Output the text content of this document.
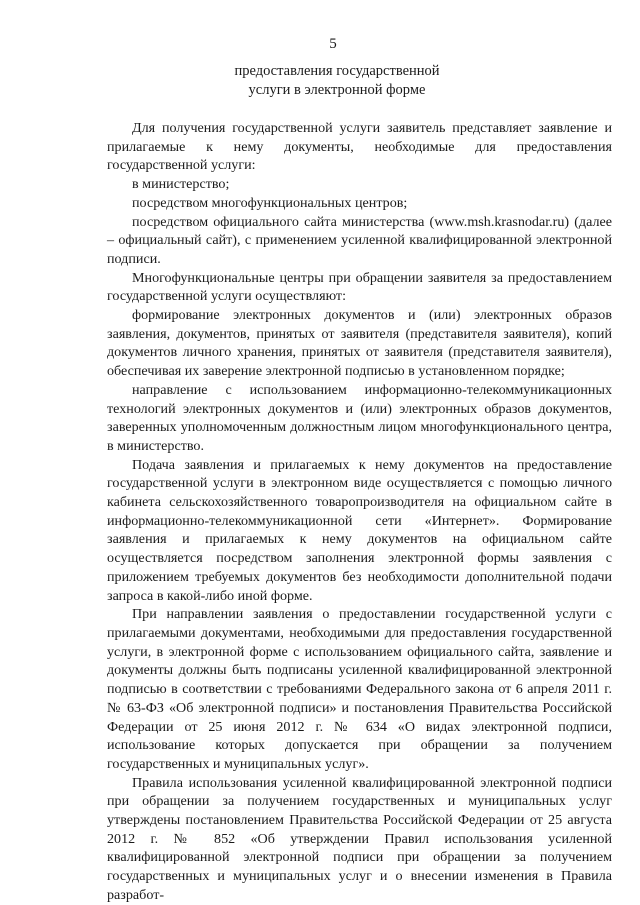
5
предоставления государственной
услуги в электронной форме

Для получения государственной услуги заявитель представляет заявление и прилагаемые к нему документы, необходимые для предоставления государственной услуги:

в министерство;

посредством многофункциональных центров;

посредством официального сайта министерства (www.msh.krasnodar.ru) (далее – официальный сайт), с применением усиленной квалифицированной электронной подписи.

Многофункциональные центры при обращении заявителя за предоставлением государственной услуги осуществляют:

формирование электронных документов и (или) электронных образов заявления, документов, принятых от заявителя (представителя заявителя), копий документов личного хранения, принятых от заявителя (представителя заявителя), обеспечивая их заверение электронной подписью в установленном порядке;

направление с использованием информационно-телекоммуникационных технологий электронных документов и (или) электронных образов документов, заверенных уполномоченным должностным лицом многофункционального центра, в министерство.

Подача заявления и прилагаемых к нему документов на предоставление государственной услуги в электронном виде осуществляется с помощью личного кабинета сельскохозяйственного товаропроизводителя на официальном сайте в информационно-телекоммуникационной сети «Интернет». Формирование заявления и прилагаемых к нему документов на официальном сайте осуществляется посредством заполнения электронной формы заявления с приложением требуемых документов без необходимости дополнительной подачи запроса в какой-либо иной форме.

При направлении заявления о предоставлении государственной услуги с прилагаемыми документами, необходимыми для предоставления государственной услуги, в электронной форме с использованием официального сайта, заявление и документы должны быть подписаны усиленной квалифицированной электронной подписью в соответствии с требованиями Федерального закона от 6 апреля 2011 г. № 63-ФЗ «Об электронной подписи» и постановления Правительства Российской Федерации от 25 июня 2012 г. № 634 «О видах электронной подписи, использование которых допускается при обращении за получением государственных и муниципальных услуг».

Правила использования усиленной квалифицированной электронной подписи при обращении за получением государственных и муниципальных услуг утверждены постановлением Правительства Российской Федерации от 25 августа 2012 г. № 852 «Об утверждении Правил использования усиленной квалифицированной электронной подписи при обращении за получением государственных и муниципальных услуг и о внесении изменения в Правила разработ-
